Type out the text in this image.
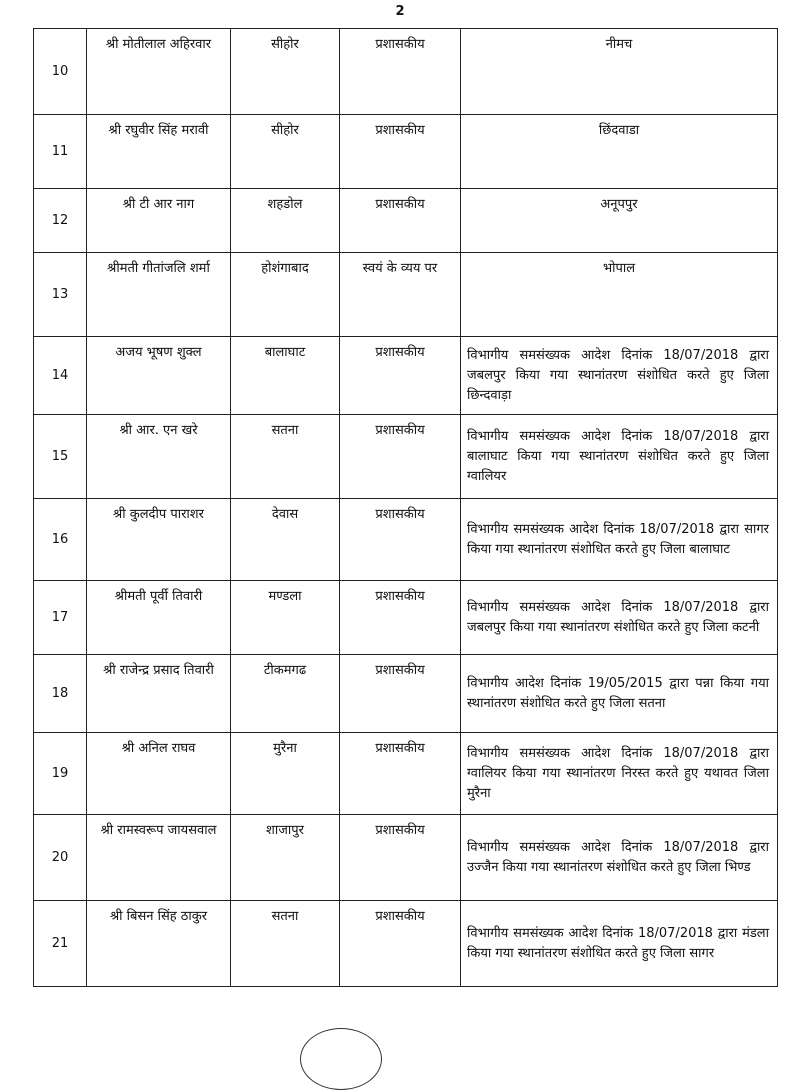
2
10	श्री मोतीलाल अहिरवार	सीहोर	प्रशासकीय	नीमच
11	श्री रघुवीर सिंह मरावी	सीहोर	प्रशासकीय	छिंदवाडा
12	श्री टी आर नाग	शहडोल	प्रशासकीय	अनूपपुर
13	श्रीमती गीतांजलि शर्मा	होशंगाबाद	स्वयं के व्यय पर	भोपाल
14	अजय भूषण शुक्ल	बालाघाट	प्रशासकीय	विभागीय समसंख्यक आदेश दिनांक 18/07/2018 द्वारा जबलपुर किया गया स्थानांतरण संशोधित करते हुए जिला छिन्दवाड़ा
15	श्री आर. एन खरे	सतना	प्रशासकीय	विभागीय समसंख्यक आदेश दिनांक 18/07/2018 द्वारा बालाघाट किया गया स्थानांतरण संशोधित करते हुए जिला ग्वालियर
16	श्री कुलदीप पाराशर	देवास	प्रशासकीय	विभागीय समसंख्यक आदेश दिनांक 18/07/2018 द्वारा सागर किया गया स्थानांतरण संशोधित करते हुए जिला बालाघाट
17	श्रीमती पूर्वी तिवारी	मण्डला	प्रशासकीय	विभागीय समसंख्यक आदेश दिनांक 18/07/2018 द्वारा जबलपुर किया गया स्थानांतरण संशोधित करते हुए जिला कटनी
18	श्री राजेन्द्र प्रसाद तिवारी	टीकमगढ	प्रशासकीय	विभागीय आदेश दिनांक 19/05/2015 द्वारा पन्ना किया गया स्थानांतरण संशोधित करते हुए जिला सतना
19	श्री अनिल राघव	मुरैना	प्रशासकीय	विभागीय समसंख्यक आदेश दिनांक 18/07/2018 द्वारा ग्वालियर किया गया स्थानांतरण निरस्त करते हुए यथावत जिला मुरैना
20	श्री रामस्वरूप जायसवाल	शाजापुर	प्रशासकीय	विभागीय समसंख्यक आदेश दिनांक 18/07/2018 द्वारा उज्जैन किया गया स्थानांतरण संशोधित करते हुए जिला भिण्ड
21	श्री बिसन सिंह ठाकुर	सतना	प्रशासकीय	विभागीय समसंख्यक आदेश दिनांक 18/07/2018 द्वारा मंडला किया गया स्थानांतरण संशोधित करते हुए जिला सागर
